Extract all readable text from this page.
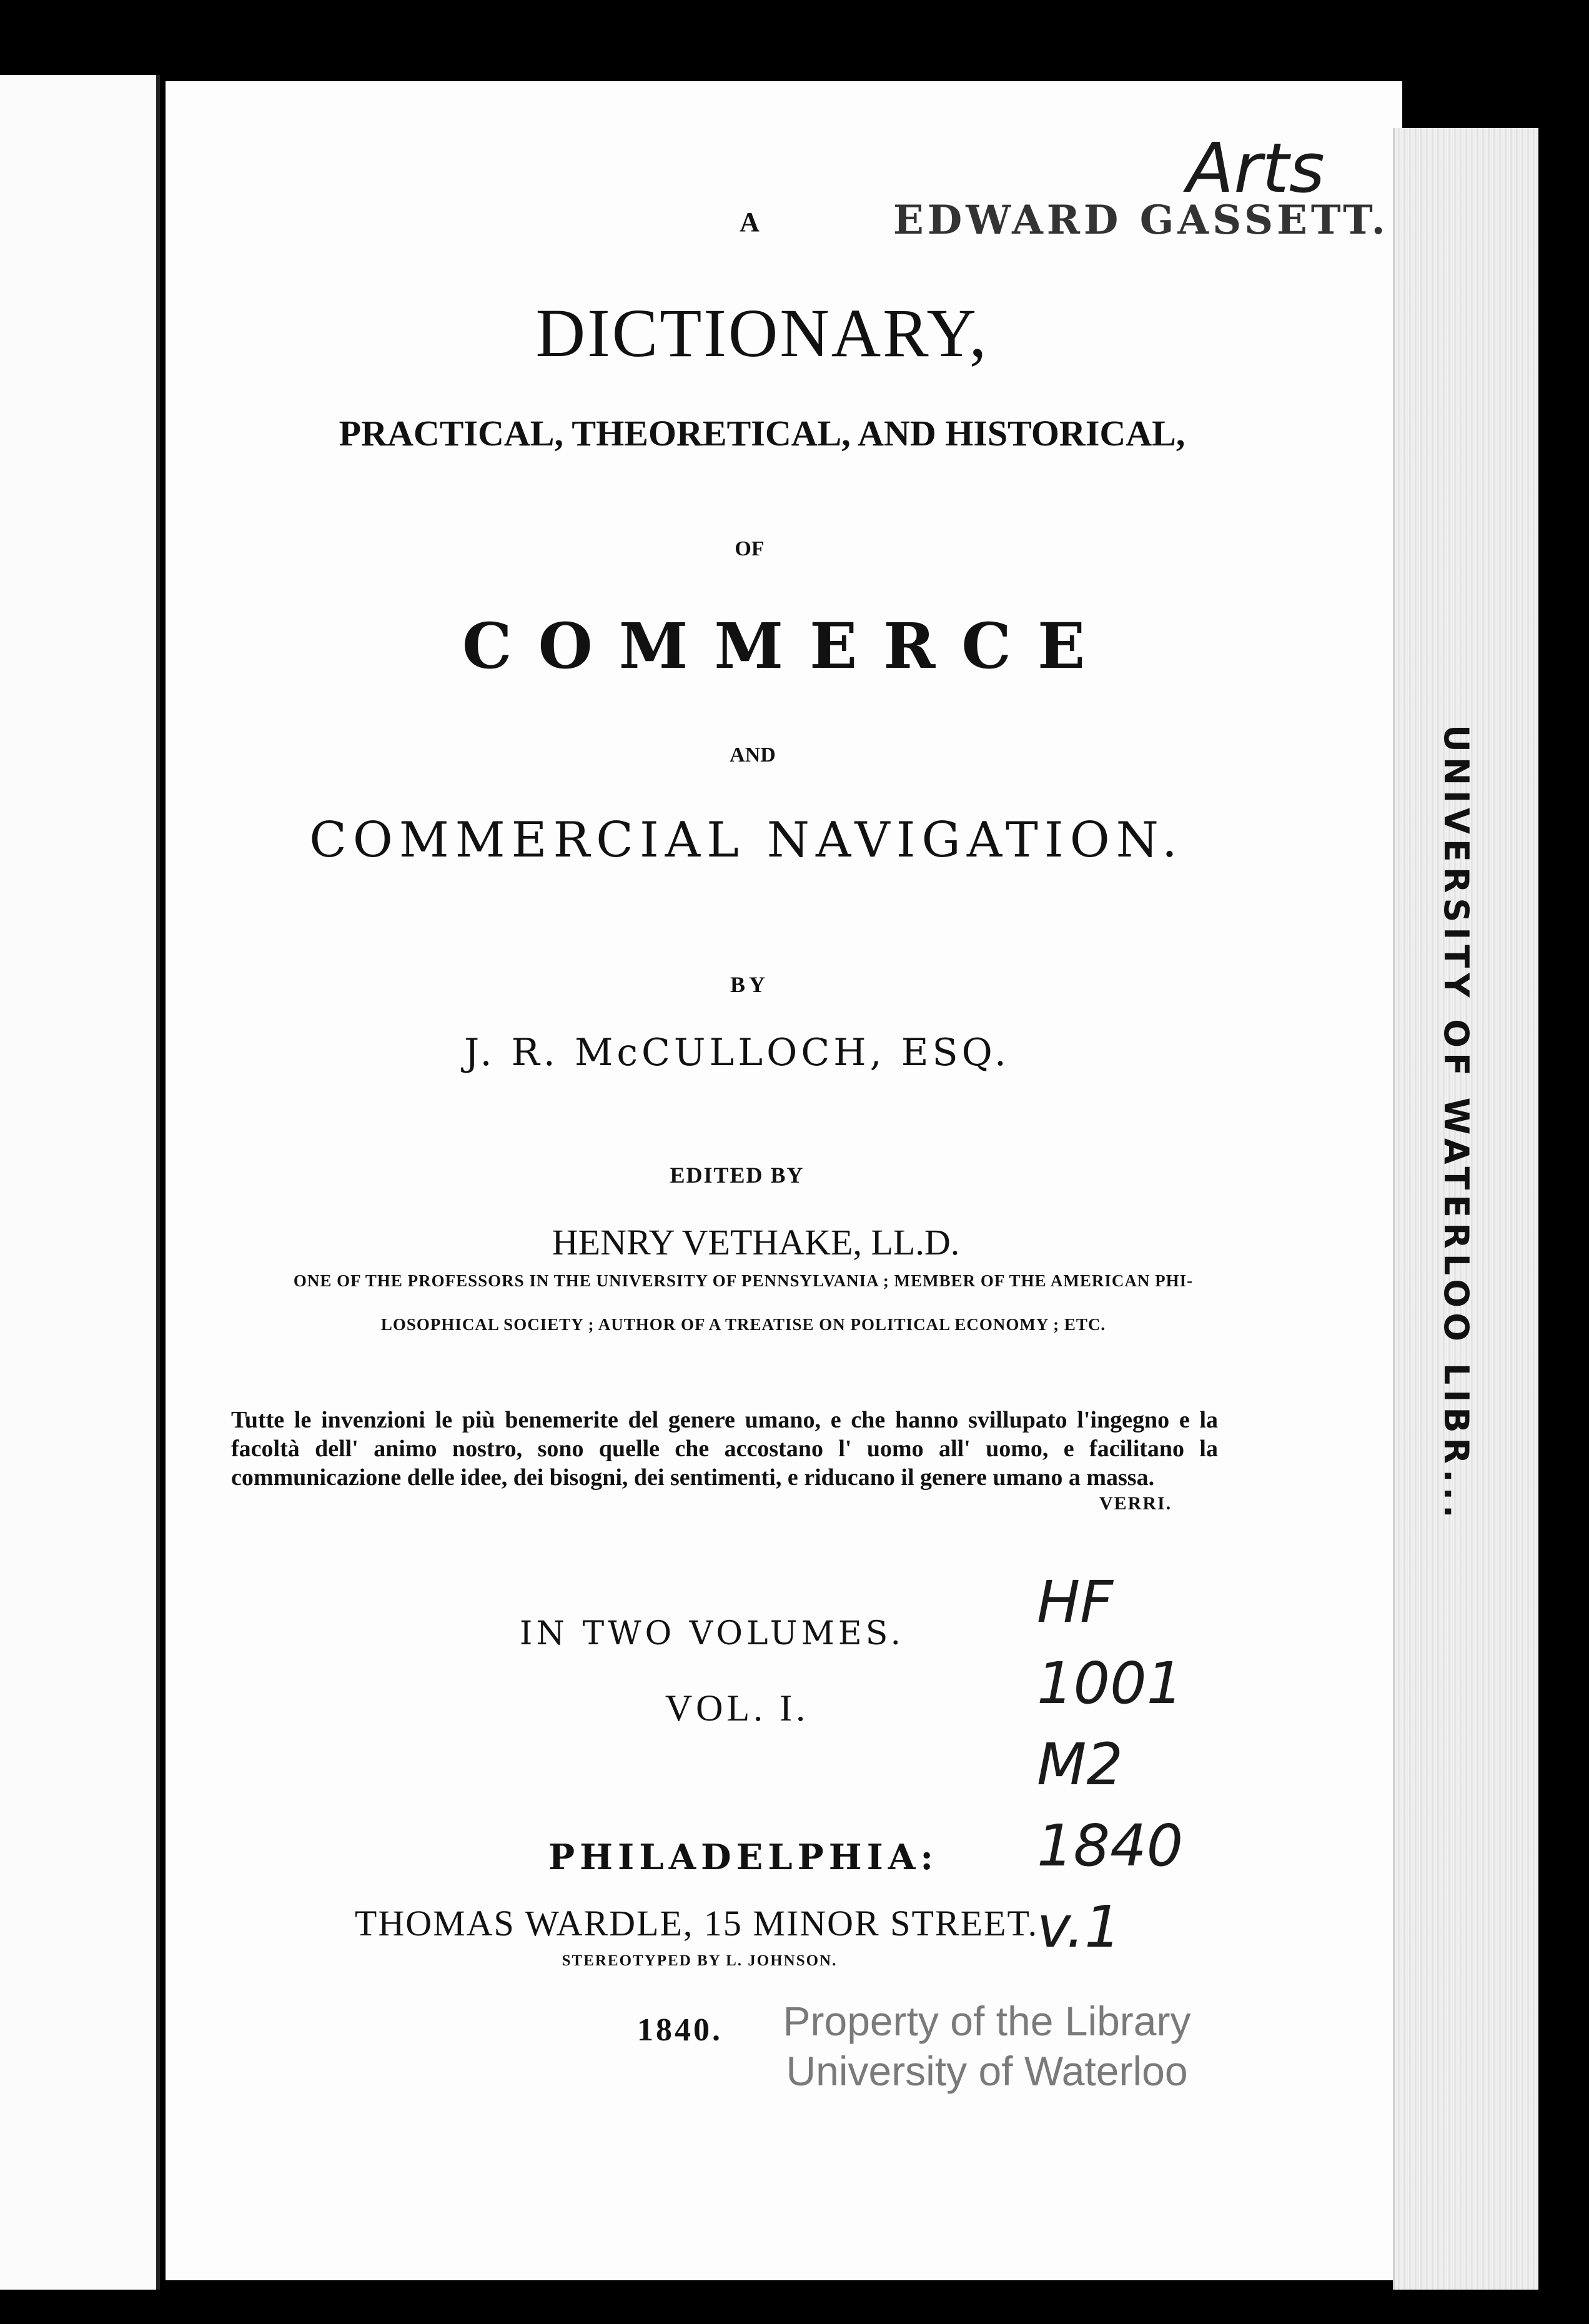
EDWARD GASSETT.
Arts
A
DICTIONARY,
PRACTICAL, THEORETICAL, AND HISTORICAL,
OF
COMMERCE
AND
COMMERCIAL NAVIGATION.
BY
J. R. McCULLOCH, ESQ.
EDITED BY
HENRY VETHAKE, LL.D.
ONE OF THE PROFESSORS IN THE UNIVERSITY OF PENNSYLVANIA ; MEMBER OF THE AMERICAN PHI-
LOSOPHICAL SOCIETY ; AUTHOR OF A TREATISE ON POLITICAL ECONOMY ; ETC.
Tutte le invenzioni le più benemerite del genere umano, e che hanno svillupato l'ingegno e la facoltà dell' animo nostro, sono quelle che accostano l' uomo all' uomo, e facilitano la communicazione delle idee, dei bisogni, dei sentimenti, e riducano il genere umano a massa.
VERRI.
IN TWO VOLUMES.
VOL. I.
HF
1001
M2
1840
v.1
PHILADELPHIA:
THOMAS WARDLE, 15 MINOR STREET.
STEREOTYPED BY L. JOHNSON.
1840.	Property of the Library
University of Waterloo
UNIVERSITY OF WATERLOO LIBR...
